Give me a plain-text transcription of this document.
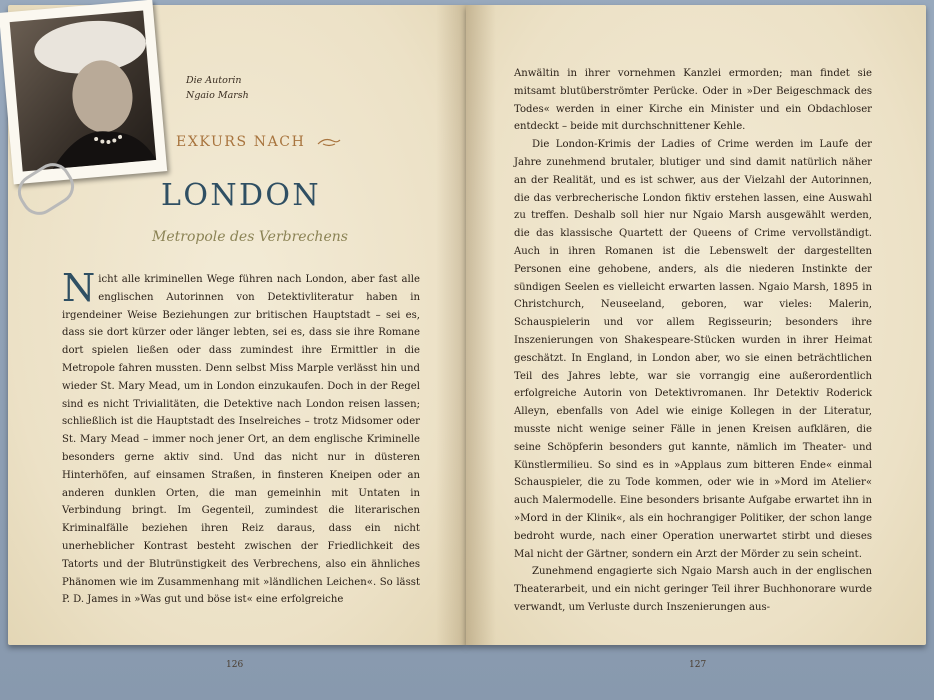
Die Autorin
Ngaio Marsh
EXKURS NACH
LONDON
Metropole des Verbrechens

Nicht alle kriminellen Wege führen nach London, aber fast alle englischen Autorinnen von Detektivliteratur haben in irgendeiner Weise Beziehungen zur britischen Hauptstadt – sei es, dass sie dort kürzer oder länger lebten, sei es, dass sie ihre Romane dort spielen ließen oder dass zumindest ihre Ermittler in die Metropole fahren mussten. Denn selbst Miss Marple verlässt hin und wieder St. Mary Mead, um in London einzukaufen. Doch in der Regel sind es nicht Trivialitäten, die Detektive nach London reisen lassen; schließlich ist die Hauptstadt des Inselreiches – trotz Midsomer oder St. Mary Mead – immer noch jener Ort, an dem englische Kriminelle besonders gerne aktiv sind. Und das nicht nur in düsteren Hinterhöfen, auf einsamen Straßen, in finsteren Kneipen oder an anderen dunklen Orten, die man gemeinhin mit Untaten in Verbindung bringt. Im Gegenteil, zumindest die literarischen Kriminalfälle beziehen ihren Reiz daraus, dass ein nicht unerheblicher Kontrast besteht zwischen der Friedlichkeit des Tatorts und der Blutrünstigkeit des Verbrechens, also ein ähnliches Phänomen wie im Zusammenhang mit »ländlichen Leichen«. So lässt P. D. James in »Was gut und böse ist« eine erfolgreiche

Anwältin in ihrer vornehmen Kanzlei ermorden; man findet sie mitsamt blutüberströmter Perücke. Oder in »Der Beigeschmack des Todes« werden in einer Kirche ein Minister und ein Obdachloser entdeckt – beide mit durchschnittener Kehle.

Die London-Krimis der Ladies of Crime werden im Laufe der Jahre zunehmend brutaler, blutiger und sind damit natürlich näher an der Realität, und es ist schwer, aus der Vielzahl der Autorinnen, die das verbrecherische London fiktiv erstehen lassen, eine Auswahl zu treffen. Deshalb soll hier nur Ngaio Marsh ausgewählt werden, die das klassische Quartett der Queens of Crime vervollständigt. Auch in ihren Romanen ist die Lebenswelt der dargestellten Personen eine gehobene, anders, als die niederen Instinkte der sündigen Seelen es vielleicht erwarten lassen. Ngaio Marsh, 1895 in Christchurch, Neuseeland, geboren, war vieles: Malerin, Schauspielerin und vor allem Regisseurin; besonders ihre Inszenierungen von Shakespeare-Stücken wurden in ihrer Heimat geschätzt. In England, in London aber, wo sie einen beträchtlichen Teil des Jahres lebte, war sie vorrangig eine außerordentlich erfolgreiche Autorin von Detektivromanen. Ihr Detektiv Roderick Alleyn, ebenfalls von Adel wie einige Kollegen in der Literatur, musste nicht wenige seiner Fälle in jenen Kreisen aufklären, die seine Schöpferin besonders gut kannte, nämlich im Theater- und Künstlermilieu. So sind es in »Applaus zum bitteren Ende« einmal Schauspieler, die zu Tode kommen, oder wie in »Mord im Atelier« auch Malermodelle. Eine besonders brisante Aufgabe erwartet ihn in »Mord in der Klinik«, als ein hochrangiger Politiker, der schon lange bedroht wurde, nach einer Operation unerwartet stirbt und dieses Mal nicht der Gärtner, sondern ein Arzt der Mörder zu sein scheint.

Zunehmend engagierte sich Ngaio Marsh auch in der englischen Theaterarbeit, und ein nicht geringer Teil ihrer Buchhonorare wurde verwandt, um Verluste durch Inszenierungen aus-

126	127
